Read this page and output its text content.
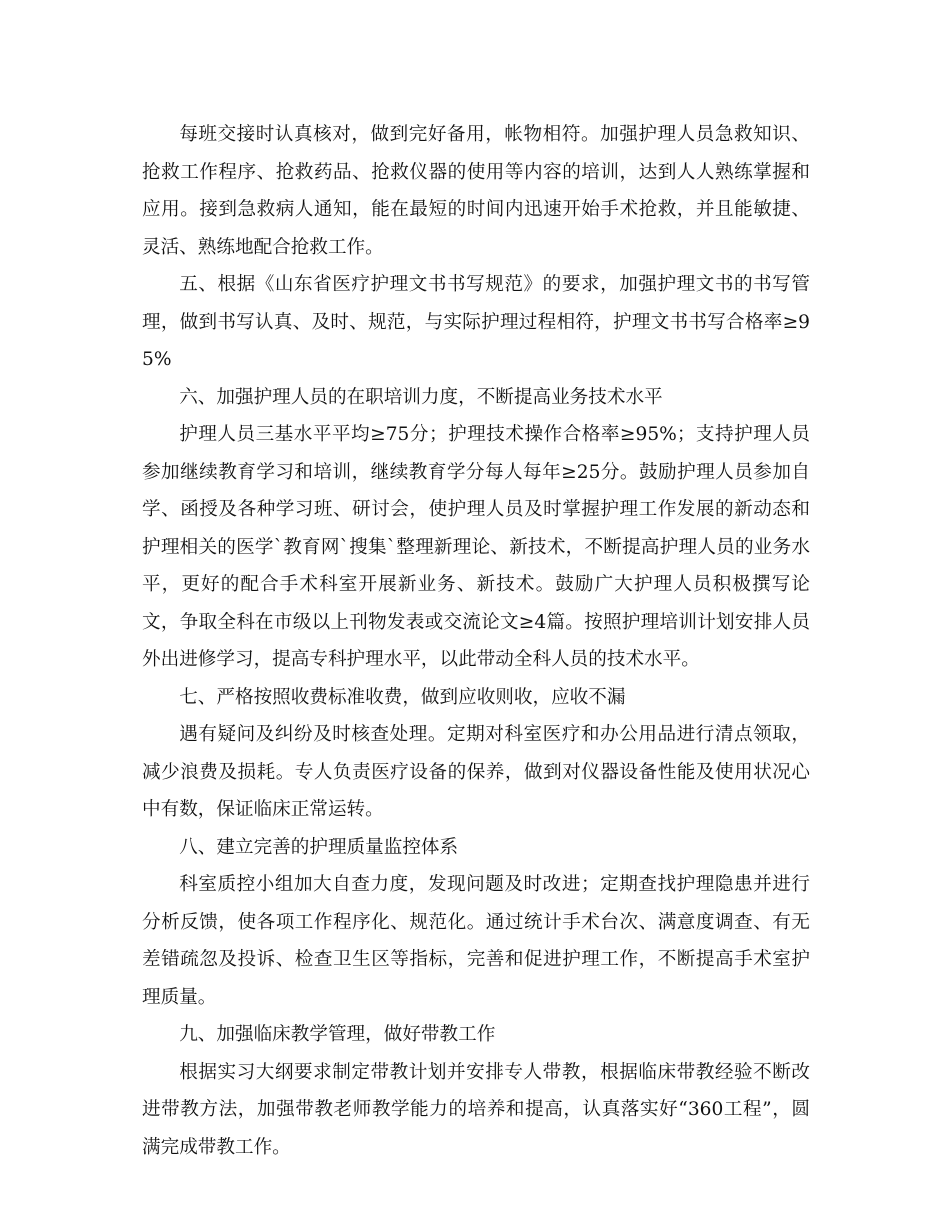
每班交接时认真核对，做到完好备用，帐物相符。加强护理人员急救知识、抢救工作程序、抢救药品、抢救仪器的使用等内容的培训，达到人人熟练掌握和应用。接到急救病人通知，能在最短的时间内迅速开始手术抢救，并且能敏捷、灵活、熟练地配合抢救工作。

五、根据《山东省医疗护理文书书写规范》的要求，加强护理文书的书写管理，做到书写认真、及时、规范，与实际护理过程相符，护理文书书写合格率≥95%

六、加强护理人员的在职培训力度，不断提高业务技术水平

护理人员三基水平平均≥75分；护理技术操作合格率≥95%；支持护理人员参加继续教育学习和培训，继续教育学分每人每年≥25分。鼓励护理人员参加自学、函授及各种学习班、研讨会，使护理人员及时掌握护理工作发展的新动态和护理相关的医学`教育网`搜集`整理新理论、新技术，不断提高护理人员的业务水平，更好的配合手术科室开展新业务、新技术。鼓励广大护理人员积极撰写论文，争取全科在市级以上刊物发表或交流论文≥4篇。按照护理培训计划安排人员外出进修学习，提高专科护理水平，以此带动全科人员的技术水平。

七、严格按照收费标准收费，做到应收则收，应收不漏

遇有疑问及纠纷及时核查处理。定期对科室医疗和办公用品进行清点领取，减少浪费及损耗。专人负责医疗设备的保养，做到对仪器设备性能及使用状况心中有数，保证临床正常运转。

八、建立完善的护理质量监控体系

科室质控小组加大自查力度，发现问题及时改进；定期查找护理隐患并进行分析反馈，使各项工作程序化、规范化。通过统计手术台次、满意度调查、有无差错疏忽及投诉、检查卫生区等指标，完善和促进护理工作，不断提高手术室护理质量。

九、加强临床教学管理，做好带教工作

根据实习大纲要求制定带教计划并安排专人带教，根据临床带教经验不断改进带教方法，加强带教老师教学能力的培养和提高，认真落实好“360工程”，圆满完成带教工作。
